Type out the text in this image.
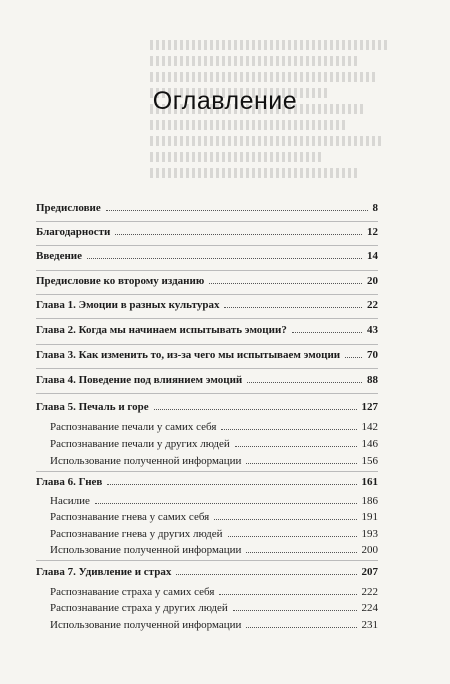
Оглавление
Предисловие	8
Благодарности	12
Введение	14
Предисловие ко второму изданию	20
Глава 1. Эмоции в разных культурах	22
Глава 2. Когда мы начинаем испытывать эмоции?	43
Глава 3. Как изменить то, из-за чего мы испытываем эмоции 70
Глава 4. Поведение под влиянием эмоций	88
Глава 5. Печаль и горе	127
Распознавание печали у самих себя	142
Распознавание печали у других людей	146
Использование полученной информации	156
Глава 6. Гнев	161
Насилие	186
Распознавание гнева у самих себя	191
Распознавание гнева у других людей	193
Использование полученной информации	200
Глава 7. Удивление и страх	207
Распознавание страха у самих себя	222
Распознавание страха у других людей	224
Использование полученной информации	231
